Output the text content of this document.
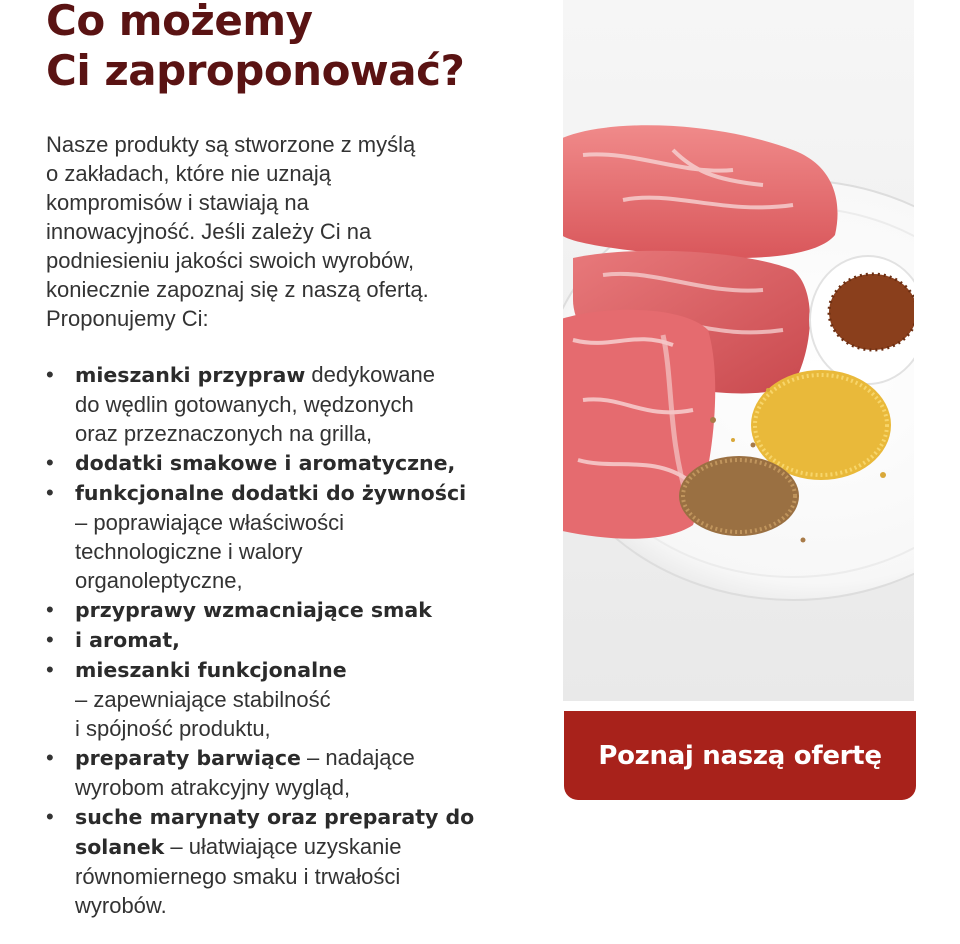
Co możemy
Ci zaproponować?
Nasze produkty są stworzone z myślą
o zakładach, które nie uznają
kompromisów i stawiają na
innowacyjność. Jeśli zależy Ci na
podniesieniu jakości swoich wyrobów,
koniecznie zapoznaj się z naszą ofertą.
Proponujemy Ci:
• mieszanki przypraw dedykowane
do wędlin gotowanych, wędzonych
oraz przeznaczonych na grilla,
• dodatki smakowe i aromatyczne,
• funkcjonalne dodatki do żywności
– poprawiające właściwości
technologiczne i walory
organoleptyczne,
• przyprawy wzmacniające smak
• i aromat,
• mieszanki funkcjonalne
– zapewniające stabilność
i spójność produktu,
• preparaty barwiące – nadające
wyrobom atrakcyjny wygląd,
• suche marynaty oraz preparaty do
solanek – ułatwiające uzyskanie
równomiernego smaku i trwałości
wyrobów.
Poznaj naszą ofertę
